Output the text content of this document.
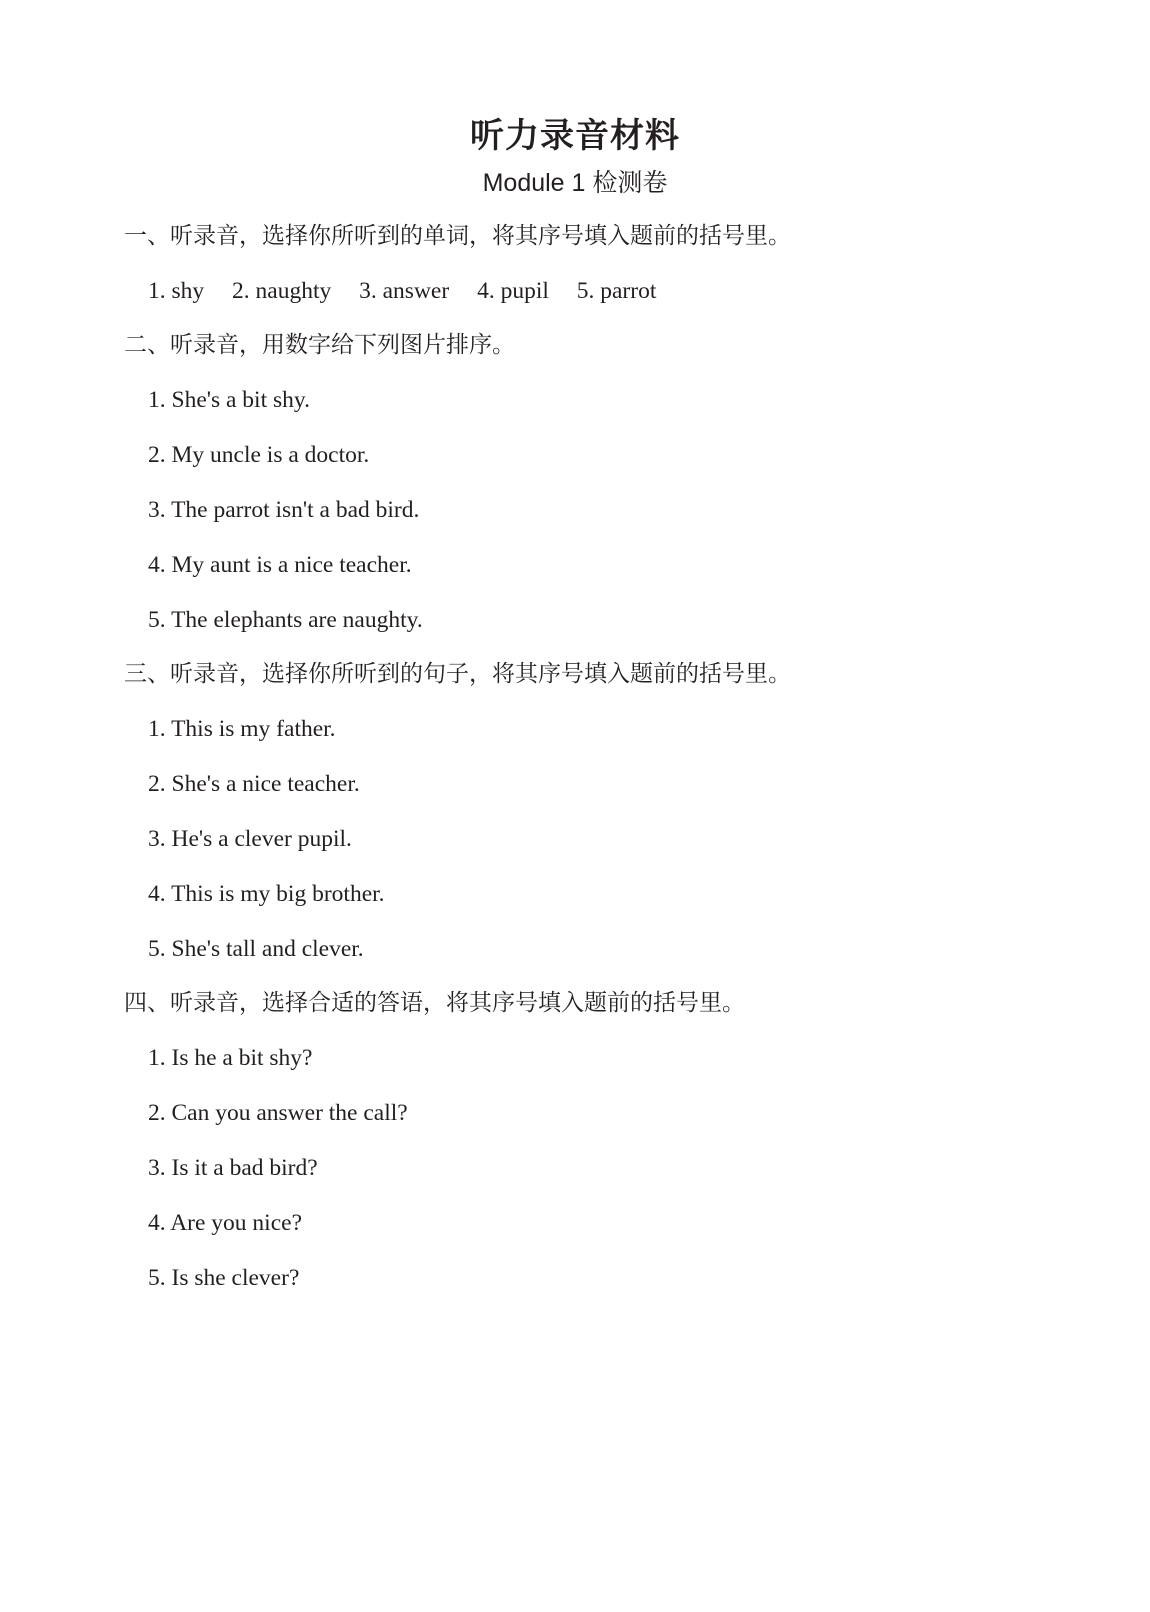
听力录音材料
Module 1 检测卷
一、听录音，选择你所听到的单词，将其序号填入题前的括号里。
1. shy 2. naughty 3. answer 4. pupil 5. parrot
二、听录音，用数字给下列图片排序。
1. She's a bit shy.
2. My uncle is a doctor.
3. The parrot isn't a bad bird.
4. My aunt is a nice teacher.
5. The elephants are naughty.
三、听录音，选择你所听到的句子，将其序号填入题前的括号里。
1. This is my father.
2. She's a nice teacher.
3. He's a clever pupil.
4. This is my big brother.
5. She's tall and clever.
四、听录音，选择合适的答语，将其序号填入题前的括号里。
1. Is he a bit shy?
2. Can you answer the call?
3. Is it a bad bird?
4. Are you nice?
5. Is she clever?
